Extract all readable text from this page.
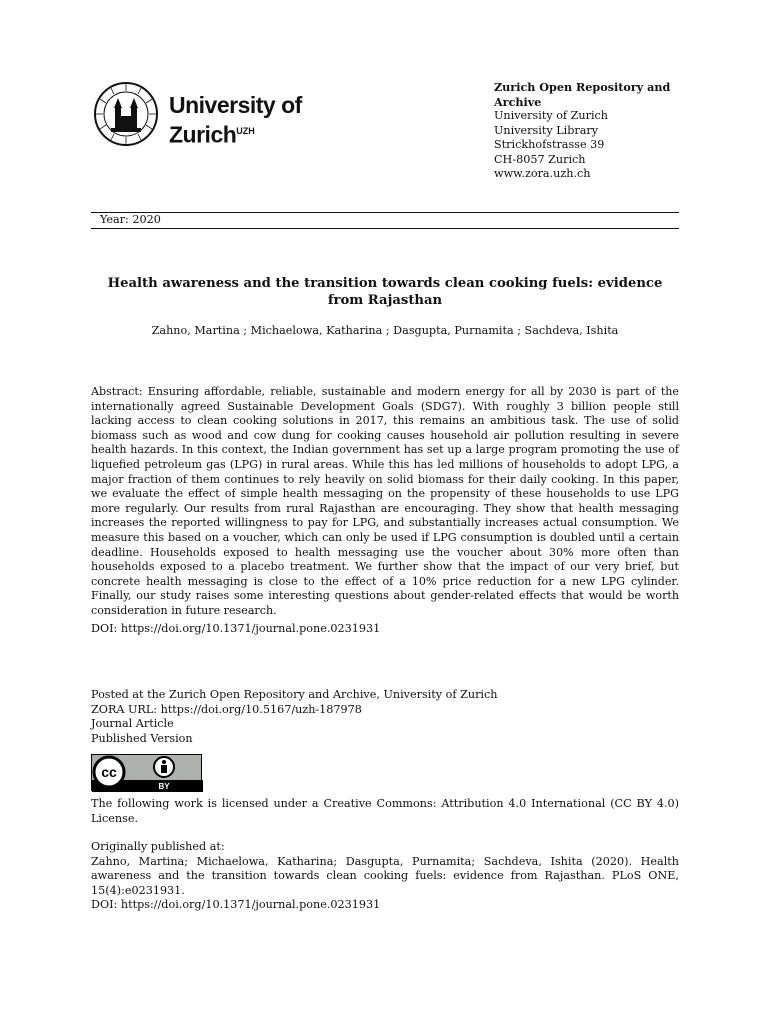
University of
Zurich$^{UZH}$
Zurich Open Repository and Archive
University of Zurich
University Library
Strickhofstrasse 39
CH-8057 Zurich
www.zora.uzh.ch
Year: 2020
Health awareness and the transition towards clean cooking fuels: evidence
from Rajasthan
Zahno, Martina ; Michaelowa, Katharina ; Dasgupta, Purnamita ; Sachdeva, Ishita
Abstract: Ensuring affordable, reliable, sustainable and modern energy for all by 2030 is part of the internationally agreed Sustainable Development Goals (SDG7). With roughly 3 billion people still lacking access to clean cooking solutions in 2017, this remains an ambitious task. The use of solid biomass such as wood and cow dung for cooking causes household air pollution resulting in severe health hazards. In this context, the Indian government has set up a large program promoting the use of liquefied petroleum gas (LPG) in rural areas. While this has led millions of households to adopt LPG, a major fraction of them continues to rely heavily on solid biomass for their daily cooking. In this paper, we evaluate the effect of simple health messaging on the propensity of these households to use LPG more regularly. Our results from rural Rajasthan are encouraging. They show that health messaging increases the reported willingness to pay for LPG, and substantially increases actual consumption. We measure this based on a voucher, which can only be used if LPG consumption is doubled until a certain deadline. Households exposed to health messaging use the voucher about 30% more often than households exposed to a placebo treatment. We further show that the impact of our very brief, but concrete health messaging is close to the effect of a 10% price reduction for a new LPG cylinder. Finally, our study raises some interesting questions about gender-related effects that would be worth consideration in future research.
DOI: https://doi.org/10.1371/journal.pone.0231931
Posted at the Zurich Open Repository and Archive, University of Zurich
ZORA URL: https://doi.org/10.5167/uzh-187978
Journal Article
Published Version
cc
BY
The following work is licensed under a Creative Commons: Attribution 4.0 International (CC BY 4.0) License.
Originally published at:
Zahno, Martina; Michaelowa, Katharina; Dasgupta, Purnamita; Sachdeva, Ishita (2020). Health awareness and the transition towards clean cooking fuels: evidence from Rajasthan. PLoS ONE, 15(4):e0231931.
DOI: https://doi.org/10.1371/journal.pone.0231931
